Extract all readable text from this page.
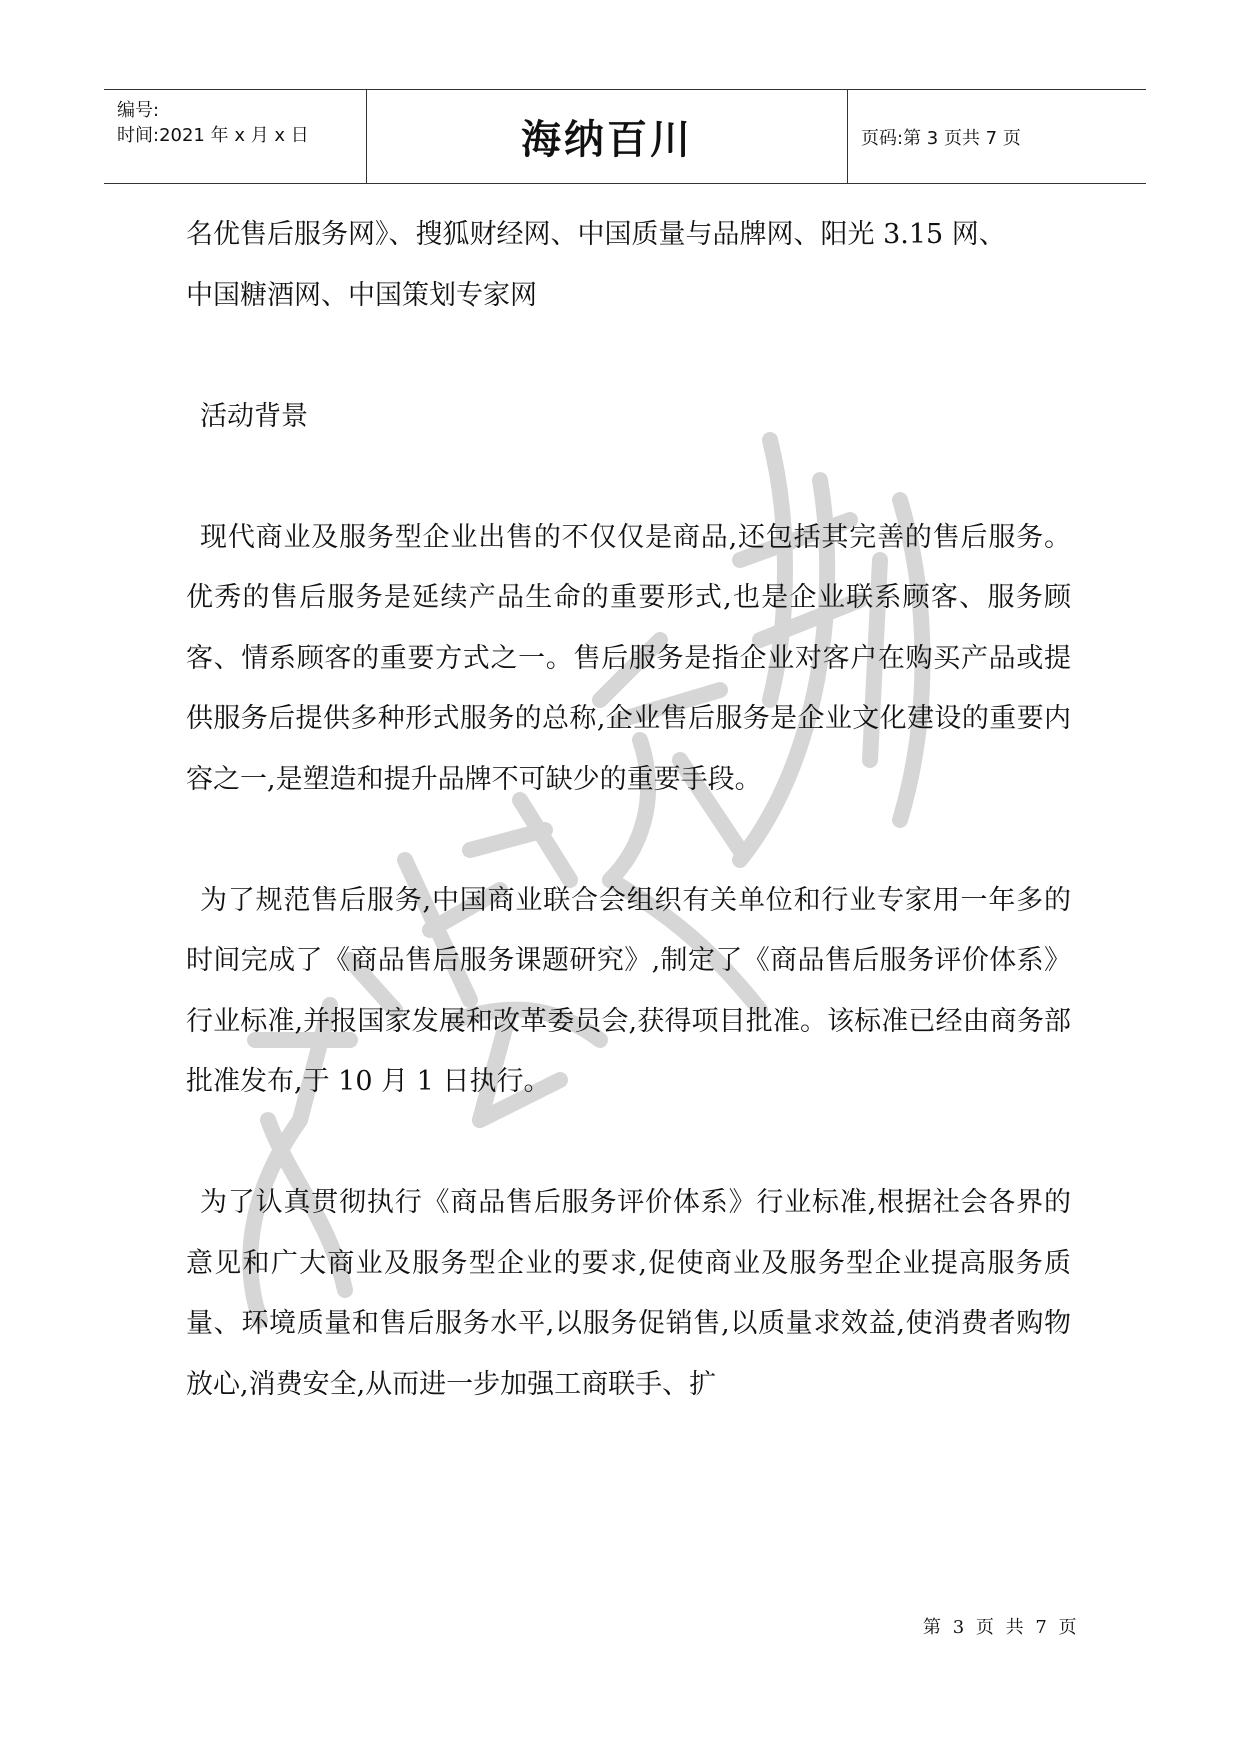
编号:
时间:2021 年 x 月 x 日	海纳百川	页码:第 3 页共 7 页

名优售后服务网》、搜狐财经网、中国质量与品牌网、阳光 3.15 网、

中国糖酒网、中国策划专家网

活动背景

现代商业及服务型企业出售的不仅仅是商品,还包括其完善的售后服务。优秀的售后服务是延续产品生命的重要形式,也是企业联系顾客、服务顾客、情系顾客的重要方式之一。售后服务是指企业对客户在购买产品或提供服务后提供多种形式服务的总称,企业售后服务是企业文化建设的重要内容之一,是塑造和提升品牌不可缺少的重要手段。

为了规范售后服务,中国商业联合会组织有关单位和行业专家用一年多的时间完成了《商品售后服务课题研究》,制定了《商品售后服务评价体系》行业标准,并报国家发展和改革委员会,获得项目批准。该标准已经由商务部批准发布,于 10 月 1 日执行。

为了认真贯彻执行《商品售后服务评价体系》行业标准,根据社会各界的意见和广大商业及服务型企业的要求,促使商业及服务型企业提高服务质量、环境质量和售后服务水平,以服务促销售,以质量求效益,使消费者购物放心,消费安全,从而进一步加强工商联手、扩

第 3 页 共 7 页
